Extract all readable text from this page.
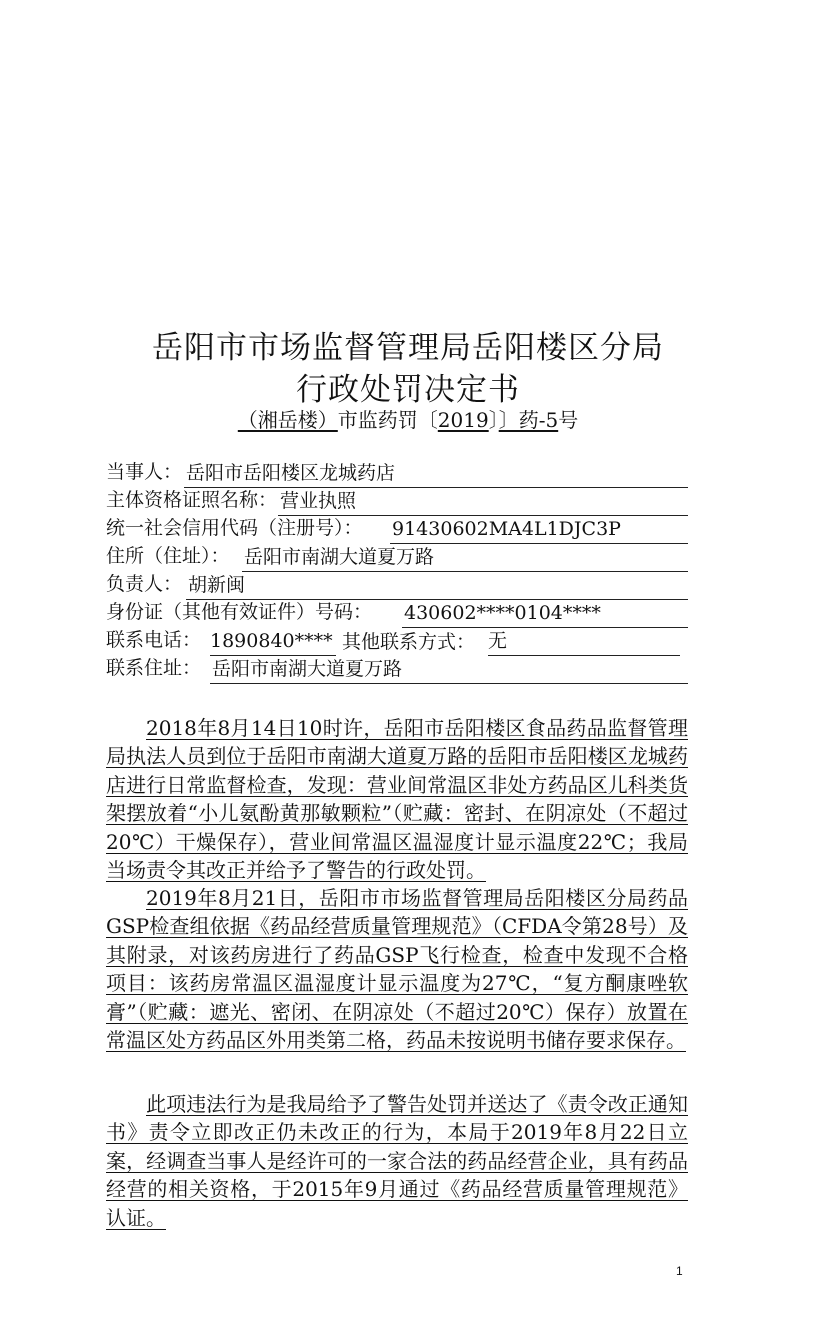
岳阳市市场监督管理局岳阳楼区分局
行政处罚决定书
（湘岳楼）市监药罚〔2019〕〕药-5号
当事人： 岳阳市岳阳楼区龙城药店
主体资格证照名称： 营业执照
统一社会信用代码（注册号）： 91430602MA4L1DJC3P
住所（住址）： 岳阳市南湖大道夏万路
负责人： 胡新闽
身份证（其他有效证件）号码： 430602****0104****
联系电话： 1890840**** 其他联系方式： 无
联系住址： 岳阳市南湖大道夏万路
2018年8月14日10时许，岳阳市岳阳楼区食品药品监督管理局执法人员到位于岳阳市南湖大道夏万路的岳阳市岳阳楼区龙城药店进行日常监督检查，发现：营业间常温区非处方药品区儿科类货架摆放着“小儿氨酚黄那敏颗粒”（贮藏：密封、在阴凉处（不超过20℃）干燥保存），营业间常温区温湿度计显示温度22℃；我局当场责令其改正并给予了警告的行政处罚。
2019年8月21日，岳阳市市场监督管理局岳阳楼区分局药品GSP检查组依据《药品经营质量管理规范》（CFDA令第28号）及其附录，对该药房进行了药品GSP飞行检查，检查中发现不合格项目：该药房常温区温湿度计显示温度为27℃，“复方酮康唑软膏”（贮藏：遮光、密闭、在阴凉处（不超过20℃）保存）放置在常温区处方药品区外用类第二格，药品未按说明书储存要求保存。
此项违法行为是我局给予了警告处罚并送达了《责令改正通知书》责令立即改正仍未改正的行为，本局于2019年8月22日立案，经调查当事人是经许可的一家合法的药品经营企业，具有药品经营的相关资格，于2015年9月通过《药品经营质量管理规范》认证。
1
